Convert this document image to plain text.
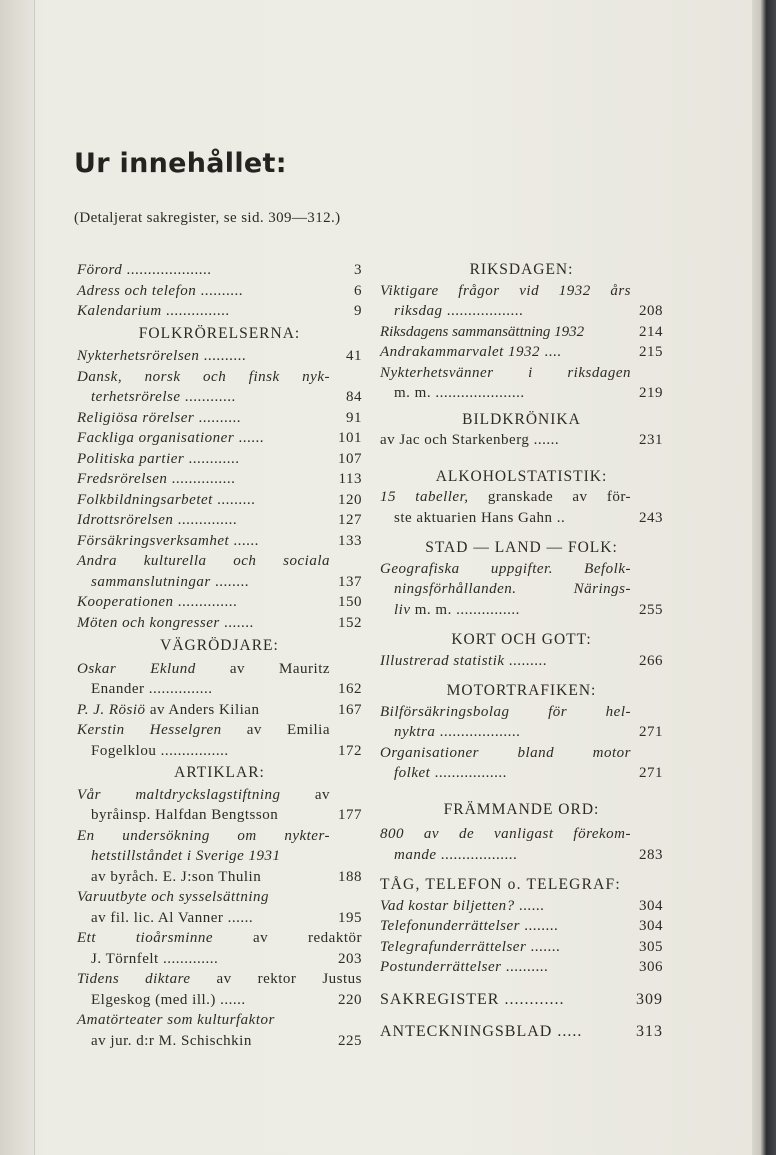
Ur innehållet:
(Detaljerat sakregister, se sid. 309—312.)
Förord ....................	3
Adress och telefon ..........	6
Kalendarium ...............	9
FOLKRÖRELSERNA:
Nykterhetsrörelsen ..........	41
Dansk, norsk och finsk nyk-
terhetsrörelse ............	84
Religiösa rörelser ..........	91
Fackliga organisationer ......	101
Politiska partier ............	107
Fredsrörelsen ...............	113
Folkbildningsarbetet .........	120
Idrottsrörelsen ..............	127
Försäkringsverksamhet ......	133
Andra kulturella och sociala
sammanslutningar ........	137
Kooperationen ..............	150
Möten och kongresser .......	152
VÄGRÖDJARE:
Oskar Eklund av Mauritz
Enander ...............	162
P. J. Rösiö av Anders Kilian	167
Kerstin Hesselgren av Emilia
Fogelklou ................	172
ARTIKLAR:
Vår maltdryckslagstiftning av
byråinsp. Halfdan Bengtsson	177
En undersökning om nykter-
hetstillståndet i Sverige 1931
av byråch. E. J:son Thulin	188
Varuutbyte och sysselsättning
av fil. lic. Al Vanner ......	195
Ett tioårsminne	av redaktör
J. Törnfelt .............	203
Tidens diktare av rektor Justus
Elgeskog (med ill.) ......	220
Amatörteater som kulturfaktor
av jur. d:r M. Schischkin	225
RIKSDAGEN:
Viktigare frågor vid 1932 års
riksdag ..................	208
Riksdagens sammansättning 1932	214
Andrakammarvalet 1932 ....	215
Nykterhetsvänner i riksdagen
m. m. .....................	219
BILDKRÖNIKA
av Jac och Starkenberg ......	231
ALKOHOLSTATISTIK:
15 tabeller, granskade av för-
ste aktuarien Hans Gahn ..	243
STAD — LAND — FOLK:
Geografiska uppgifter. Befolk-
ningsförhållanden. Närings-
liv m. m. ...............	255
KORT OCH GOTT:
Illustrerad statistik .........	266
MOTORTRAFIKEN:
Bilförsäkringsbolag för hel-
nyktra ...................	271
Organisationer bland motor
folket .................	271
FRÄMMANDE ORD:
800 av de vanligast förekom-
mande ..................	283
TÅG, TELEFON o. TELEGRAF:
Vad kostar biljetten? ......	304
Telefonunderrättelser ........	304
Telegrafunderrättelser .......	305
Postunderrättelser ..........	306
SAKREGISTER ............	309
ANTECKNINGSBLAD .....	313
